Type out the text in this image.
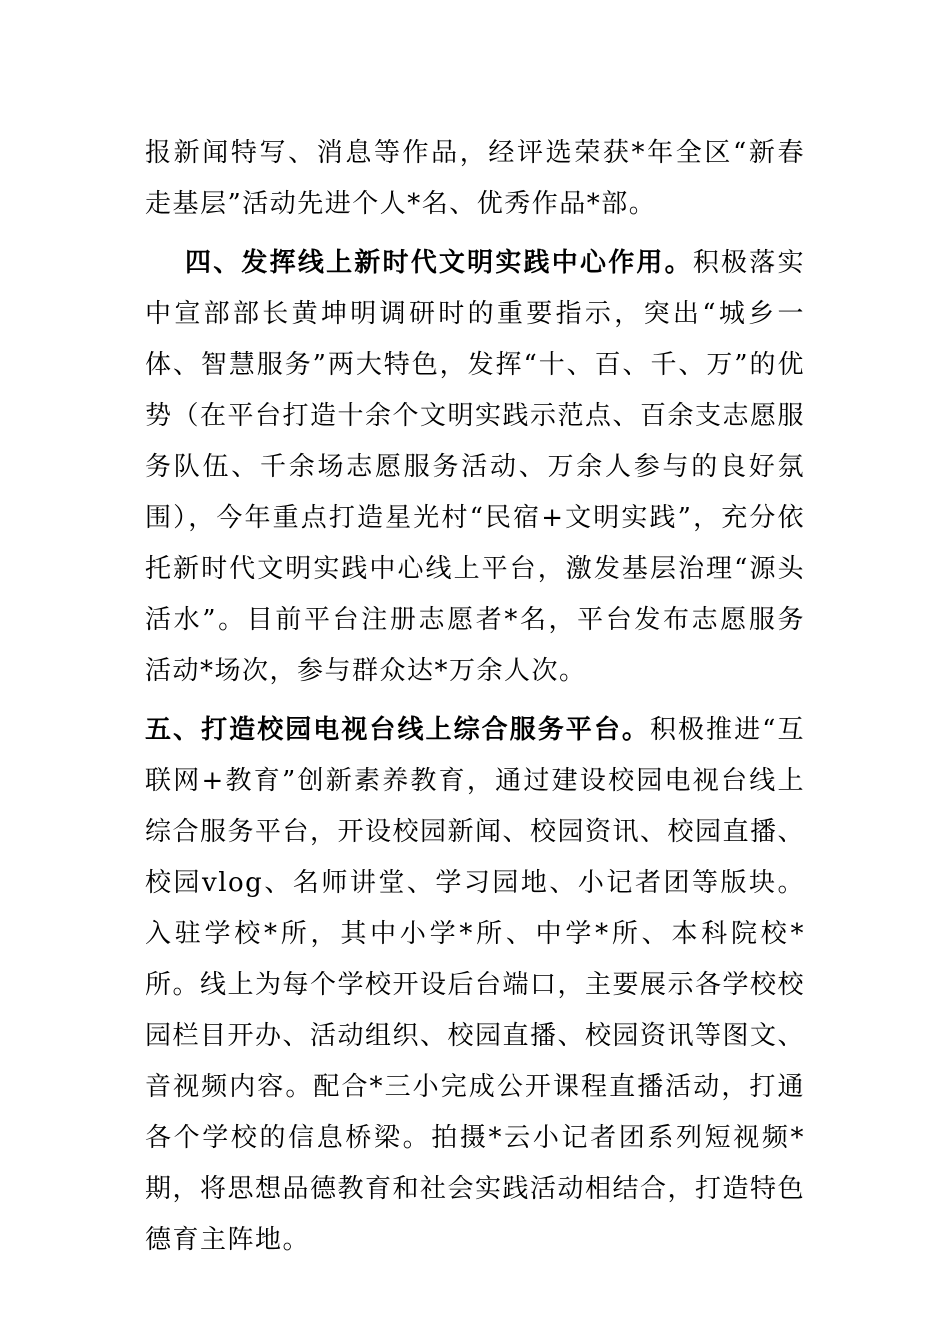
报新闻特写、消息等作品，经评选荣获*年全区“新春走基层”活动先进个人*名、优秀作品*部。

四、发挥线上新时代文明实践中心作用。积极落实中宣部部长黄坤明调研时的重要指示，突出“城乡一体、智慧服务”两大特色，发挥“十、百、千、万”的优势（在平台打造十余个文明实践示范点、百余支志愿服务队伍、千余场志愿服务活动、万余人参与的良好氛围），今年重点打造星光村“民宿+文明实践”，充分依托新时代文明实践中心线上平台，激发基层治理“源头活水”。目前平台注册志愿者*名，平台发布志愿服务活动*场次，参与群众达*万余人次。

五、打造校园电视台线上综合服务平台。积极推进“互联网+教育”创新素养教育，通过建设校园电视台线上综合服务平台，开设校园新闻、校园资讯、校园直播、校园vlog、名师讲堂、学习园地、小记者团等版块。入驻学校*所，其中小学*所、中学*所、本科院校*所。线上为每个学校开设后台端口，主要展示各学校校园栏目开办、活动组织、校园直播、校园资讯等图文、音视频内容。配合*三小完成公开课程直播活动，打通各个学校的信息桥梁。拍摄*云小记者团系列短视频*期，将思想品德教育和社会实践活动相结合，打造特色德育主阵地。
